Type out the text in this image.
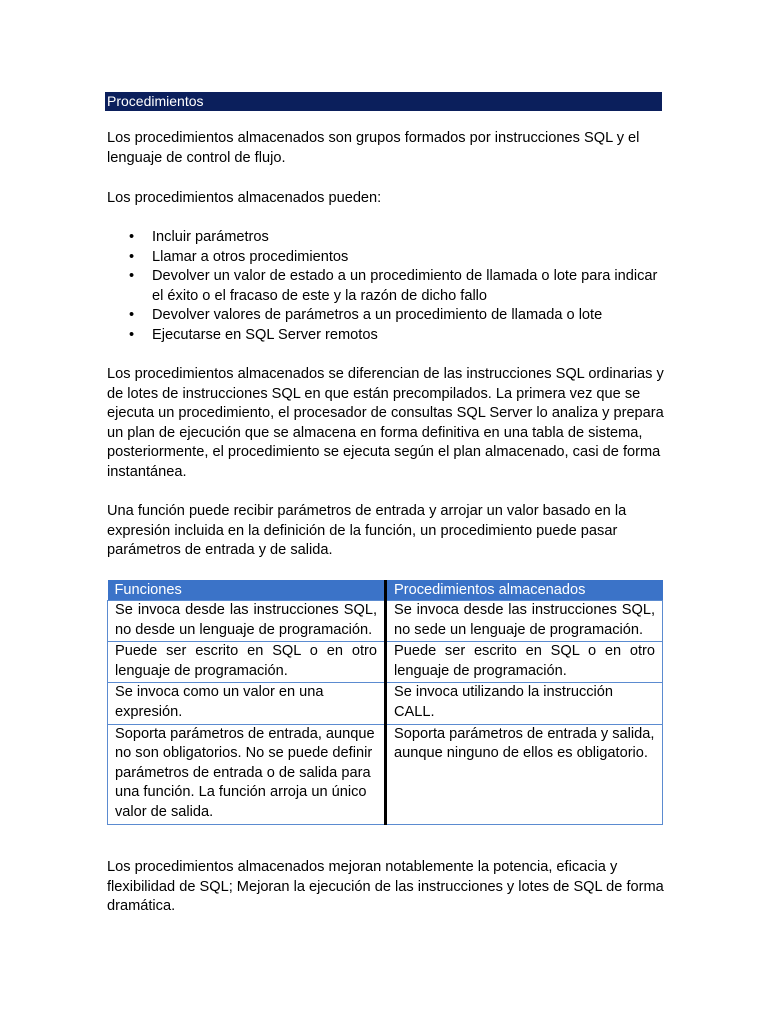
Procedimientos

Los procedimientos almacenados son grupos formados por instrucciones SQL y el lenguaje de control de flujo.

Los procedimientos almacenados pueden:

• Incluir parámetros
• Llamar a otros procedimientos
• Devolver un valor de estado a un procedimiento de llamada o lote para indicar el éxito o el fracaso de este y la razón de dicho fallo
• Devolver valores de parámetros a un procedimiento de llamada o lote
• Ejecutarse en SQL Server remotos

Los procedimientos almacenados se diferencian de las instrucciones SQL ordinarias y de lotes de instrucciones SQL en que están precompilados. La primera vez que se ejecuta un procedimiento, el procesador de consultas SQL Server lo analiza y prepara un plan de ejecución que se almacena en forma definitiva en una tabla de sistema, posteriormente, el procedimiento se ejecuta según el plan almacenado, casi de forma instantánea.

Una función puede recibir parámetros de entrada y arrojar un valor basado en la expresión incluida en la definición de la función, un procedimiento puede pasar parámetros de entrada y de salida.

Funciones	Procedimientos almacenados
Se invoca desde las instrucciones SQL, no desde un lenguaje de programación.	Se invoca desde las instrucciones SQL, no sede un lenguaje de programación.
Puede ser escrito en SQL o en otro lenguaje de programación.	Puede ser escrito en SQL o en otro lenguaje de programación.
Se invoca como un valor en una expresión.	Se invoca utilizando la instrucción CALL.
Soporta parámetros de entrada, aunque no son obligatorios. No se puede definir parámetros de entrada o de salida para una función. La función arroja un único valor de salida.	Soporta parámetros de entrada y salida, aunque ninguno de ellos es obligatorio.

Los procedimientos almacenados mejoran notablemente la potencia, eficacia y flexibilidad de SQL; Mejoran la ejecución de las instrucciones y lotes de SQL de forma dramática.
